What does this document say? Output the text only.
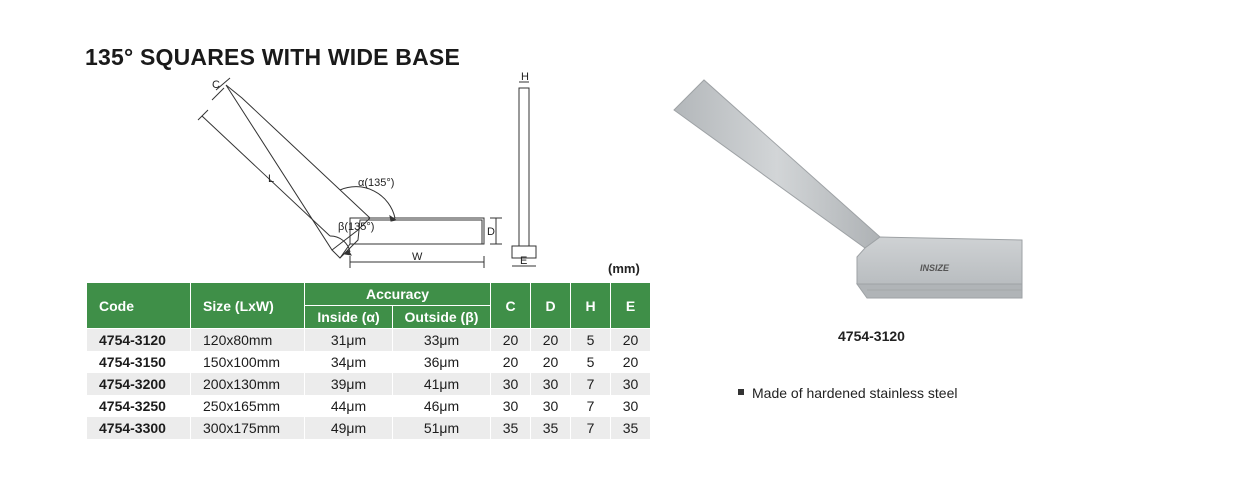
135° SQUARES WITH WIDE BASE
H
C
L	α(135°)
β(135°)	D
W	E	(mm)
Code	Size (LxW)	Accuracy		C	D	H	E
		Inside (α)	Outside (β)				
4754-3120	120x80mm	31μm	33μm	20	20	5	20
4754-3150	150x100mm	34μm	36μm	20	20	5	20
4754-3200	200x130mm	39μm	41μm	30	30	7	30
4754-3250	250x165mm	44μm	46μm	30	30	7	30
4754-3300	300x175mm	49μm	51μm	35	35	7	35
INSIZE
4754-3120
Made of hardened stainless steel
